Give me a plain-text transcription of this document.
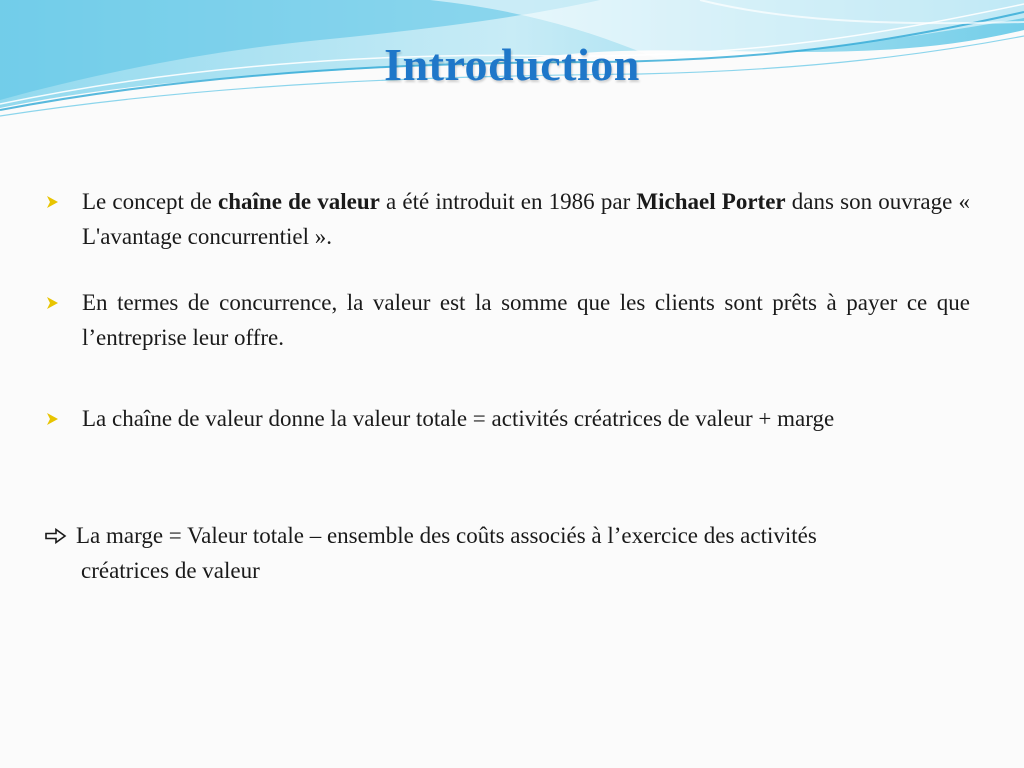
Introduction
Le concept de chaîne de valeur a été introduit en 1986 par Michael Porter dans son ouvrage « L'avantage concurrentiel ».
En termes de concurrence, la valeur est la somme que les clients sont prêts à payer ce que l’entreprise leur offre.
La chaîne de valeur donne la valeur totale = activités créatrices de valeur + marge
La marge = Valeur totale – ensemble des coûts associés à l’exercice des activités
créatrices de valeur
